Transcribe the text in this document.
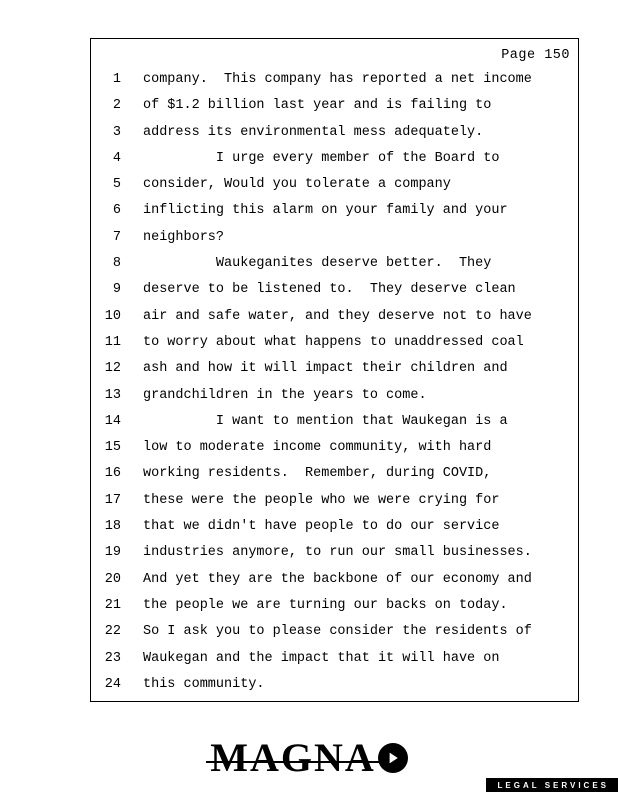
Page 150
1 company.  This company has reported a net income
2 of $1.2 billion last year and is failing to
3 address its environmental mess adequately.
4 I urge every member of the Board to
5 consider, Would you tolerate a company
6 inflicting this alarm on your family and your
7 neighbors?
8 Waukeganites deserve better.  They
9 deserve to be listened to.  They deserve clean
10 air and safe water, and they deserve not to have
11 to worry about what happens to unaddressed coal
12 ash and how it will impact their children and
13 grandchildren in the years to come.
14 I want to mention that Waukegan is a
15 low to moderate income community, with hard
16 working residents.  Remember, during COVID,
17 these were the people who we were crying for
18 that we didn't have people to do our service
19 industries anymore, to run our small businesses.
20 And yet they are the backbone of our economy and
21 the people we are turning our backs on today.
22 So I ask you to please consider the residents of
23 Waukegan and the impact that it will have on
24 this community.
MAGNA
LEGAL SERVICES
